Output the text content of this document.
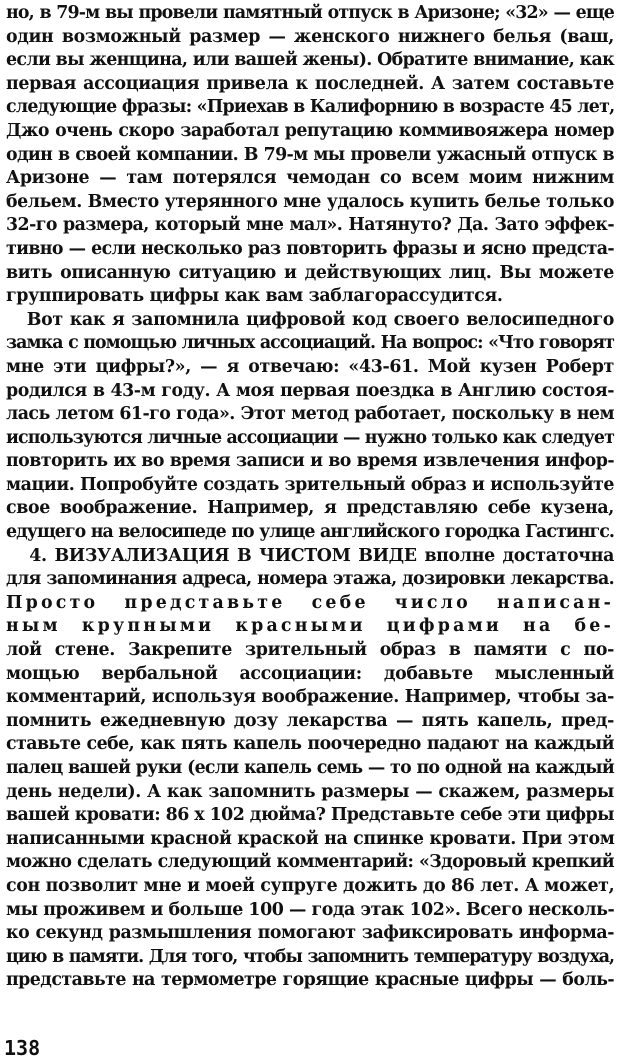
но, в 79-м вы провели памятный отпуск в Аризоне; «32» — еще
один возможный размер — женского нижнего белья (ваш,
если вы женщина, или вашей жены). Обратите внимание, как
первая ассоциация привела к последней. А затем составьте
следующие фразы: «Приехав в Калифорнию в возрасте 45 лет,
Джо очень скоро заработал репутацию коммивояжера номер
один в своей компании. В 79-м мы провели ужасный отпуск в
Аризоне — там потерялся чемодан со всем моим нижним
бельем. Вместо утерянного мне удалось купить белье только
32-го размера, который мне мал». Натянуто? Да. Зато эффек-
тивно — если несколько раз повторить фразы и ясно предста-
вить описанную ситуацию и действующих лиц. Вы можете
группировать цифры как вам заблагорассудится.
Вот как я запомнила цифровой код своего велосипедного
замка с помощью личных ассоциаций. На вопрос: «Что говорят
мне эти цифры?», — я отвечаю: «43-61. Мой кузен Роберт
родился в 43-м году. А моя первая поездка в Англию состоя-
лась летом 61-го года». Этот метод работает, поскольку в нем
используются личные ассоциации — нужно только как следует
повторить их во время записи и во время извлечения инфор-
мации. Попробуйте создать зрительный образ и используйте
свое воображение. Например, я представляю себе кузена,
едущего на велосипеде по улице английского городка Гастингс.
4. ВИЗУАЛИЗАЦИЯ В ЧИСТОМ ВИДЕ вполне достаточна
для запоминания адреса, номера этажа, дозировки лекарства.
Просто представьте себе число написан-
ным крупными красными цифрами на бе-
лой стене. Закрепите зрительный образ в памяти с по-
мощью вербальной ассоциации: добавьте мысленный
комментарий, используя воображение. Например, чтобы за-
помнить ежедневную дозу лекарства — пять капель, пред-
ставьте себе, как пять капель поочередно падают на каждый
палец вашей руки (если капель семь — то по одной на каждый
день недели). А как запомнить размеры — скажем, размеры
вашей кровати: 86 х 102 дюйма? Представьте себе эти цифры
написанными красной краской на спинке кровати. При этом
можно сделать следующий комментарий: «Здоровый крепкий
сон позволит мне и моей супруге дожить до 86 лет. А может,
мы проживем и больше 100 — года этак 102». Всего несколь-
ко секунд размышления помогают зафиксировать информа-
цию в памяти. Для того, чтобы запомнить температуру воздуха,
представьте на термометре горящие красные цифры — боль-
138
